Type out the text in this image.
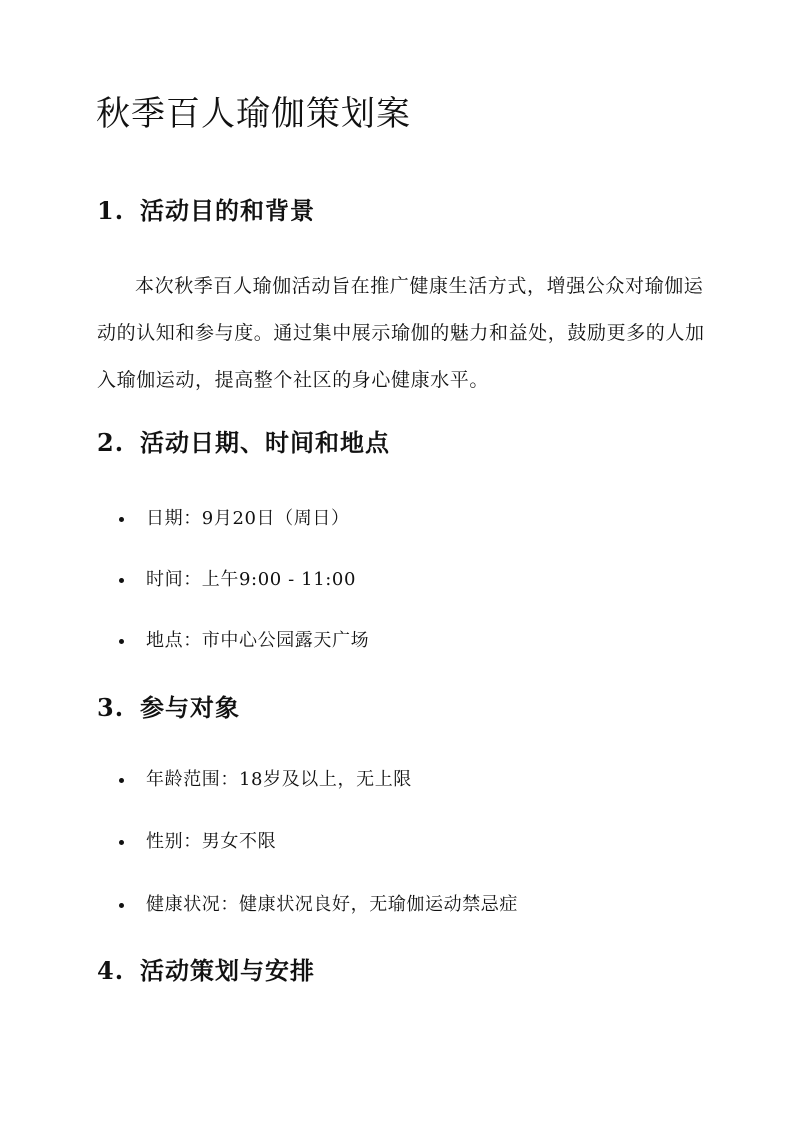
秋季百人瑜伽策划案
1. 活动目的和背景

本次秋季百人瑜伽活动旨在推广健康生活方式，增强公众对瑜伽运动的认知和参与度。通过集中展示瑜伽的魅力和益处，鼓励更多的人加入瑜伽运动，提高整个社区的身心健康水平。

2. 活动日期、时间和地点
日期：9月20日（周日）
时间：上午9:00 - 11:00
地点：市中心公园露天广场
3. 参与对象
年龄范围：18岁及以上，无上限
性别：男女不限
健康状况：健康状况良好，无瑜伽运动禁忌症
4. 活动策划与安排
